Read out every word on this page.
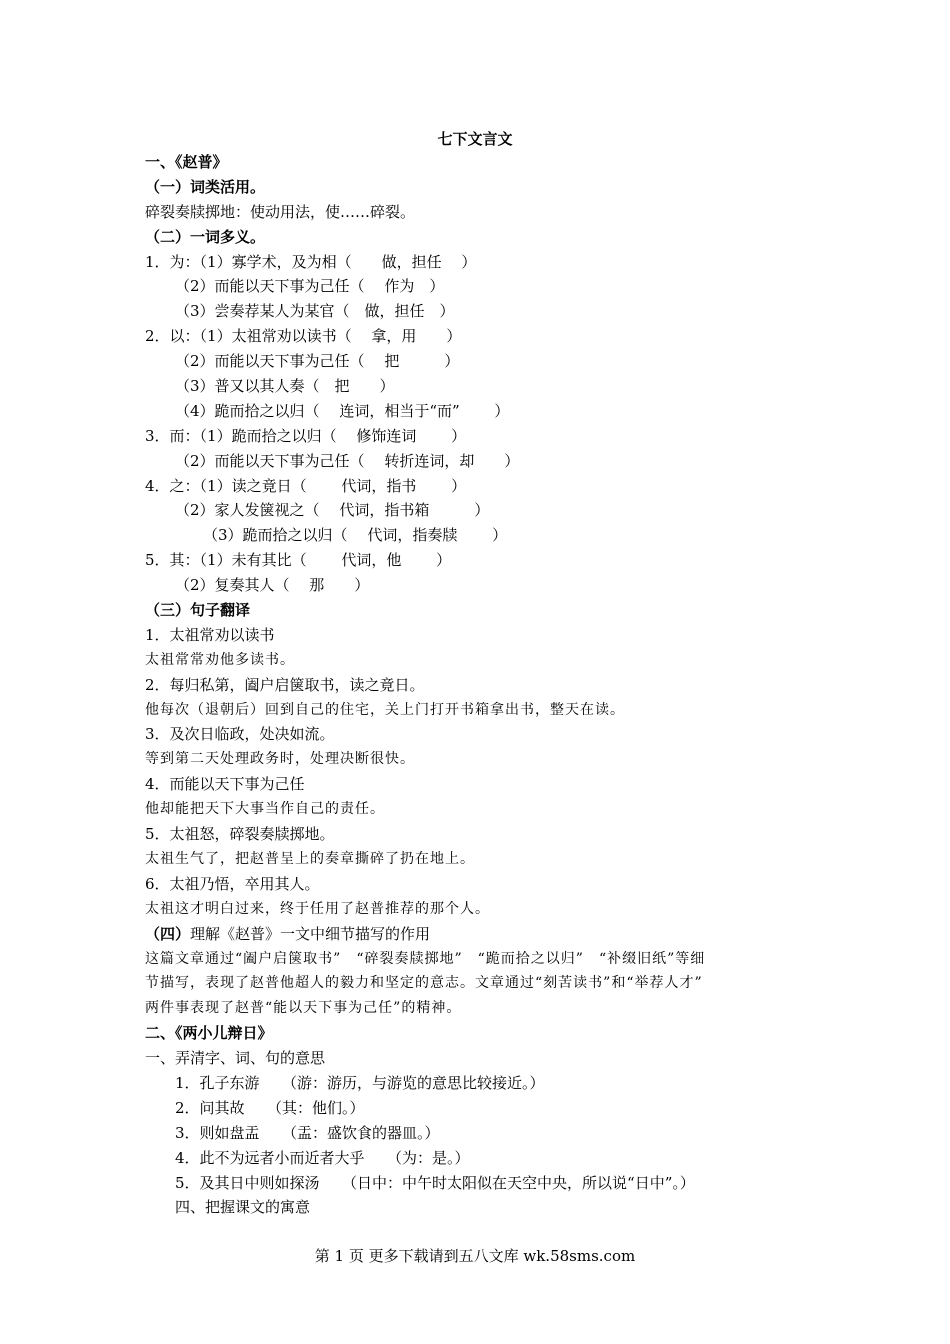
七下文言文
一、《赵普》
（一）词类活用。
碎裂奏牍掷地：使动用法，使……碎裂。
（二）一词多义。
1．为：（1）寡学术，及为相（　　做，担任　 ）
（2）而能以天下事为己任（　 作为　）
（3）尝奏荐某人为某官（　做，担任　）
2．以：（1）太祖常劝以读书（　 拿，用　　）
（2）而能以天下事为己任（　 把　　　）
（3）普又以其人奏（　把　　）
（4）跪而拾之以归（　 连词，相当于“而”　　 ）
3．而：（1）跪而拾之以归（　 修饰连词　　 ）
（2）而能以天下事为己任（　 转折连词，却　　）
4．之：（1）读之竟日（　　 代词，指书　　 ）
（2）家人发箧视之（　 代词，指书箱　　　）
（3）跪而拾之以归（　 代词，指奏牍　　 ）
5．其：（1）未有其比（　　 代词，他　　 ）
（2）复奏其人（　 那　　）
（三）句子翻译
1．太祖常劝以读书
太祖常常劝他多读书。
2．每归私第，阖户启箧取书，读之竟日。
他每次（退朝后）回到自己的住宅，关上门打开书箱拿出书，整天在读。
3．及次日临政，处决如流。
等到第二天处理政务时，处理决断很快。
4．而能以天下事为己任
他却能把天下大事当作自己的责任。
5．太祖怒，碎裂奏牍掷地。
太祖生气了，把赵普呈上的奏章撕碎了扔在地上。
6．太祖乃悟，卒用其人。
太祖这才明白过来，终于任用了赵普推荐的那个人。
（四）理解《赵普》一文中细节描写的作用
这篇文章通过“阖户启箧取书”　“碎裂奏牍掷地”　“跪而拾之以归”　“补缀旧纸”等细
节描写，表现了赵普他超人的毅力和坚定的意志。文章通过“刻苦读书”和“举荐人才”
两件事表现了赵普“能以天下事为己任”的精神。
二、《两小儿辩日》
一、弄清字、词、句的意思
1．孔子东游　　（游：游历，与游览的意思比较接近。）
2．问其故　　（其：他们。）
3．则如盘盂　　（盂：盛饮食的器皿。）
4．此不为远者小而近者大乎　　（为：是。）
5．及其日中则如探汤　　（日中：中午时太阳似在天空中央，所以说“日中”。）
四、把握课文的寓意
第 1 页 更多下载请到五八文库 wk.58sms.com
